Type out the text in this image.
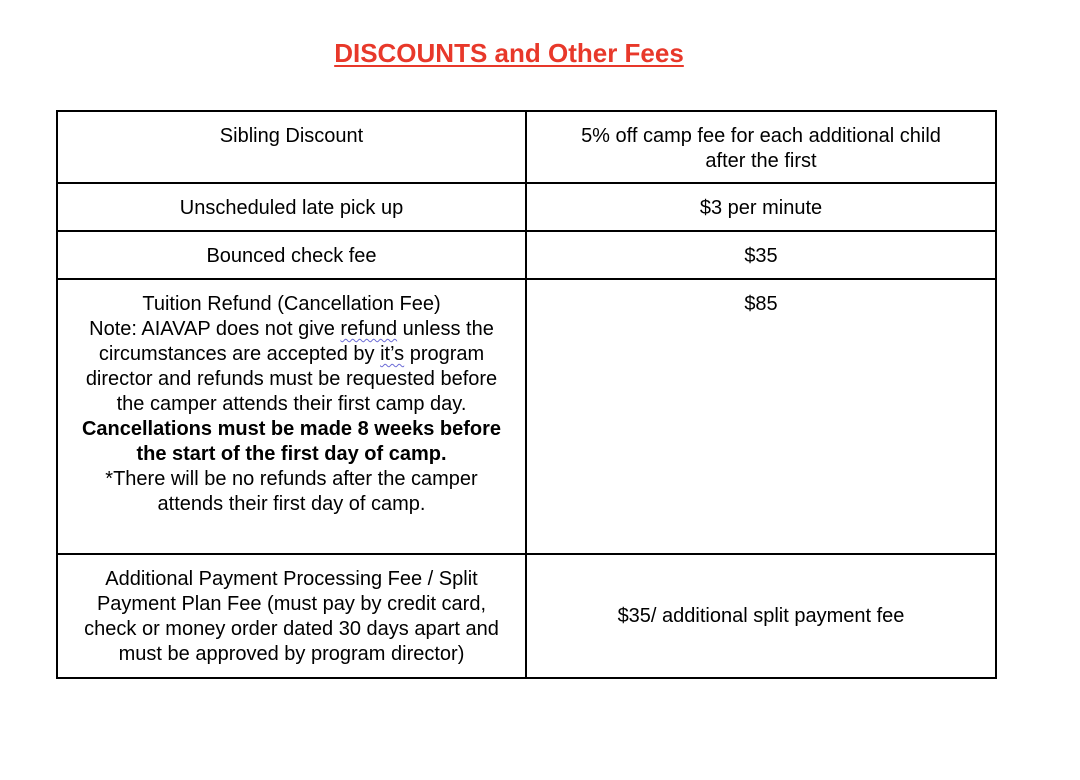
DISCOUNTS and Other Fees
Sibling Discount	5% off camp fee for each additional child
after the first

Unscheduled late pick up	$3 per minute
Bounced check fee	$35

Tuition Refund (Cancellation Fee)
Note: AIAVAP does not give refund unless the circumstances are accepted by it’s program director and refunds must be requested before the camper attends their first camp day.
Cancellations must be made 8 weeks before the start of the first day of camp.
*There will be no refunds after the camper attends their first day of camp.	$85
Additional Payment Processing Fee / Split Payment Plan Fee (must pay by credit card, check or money order dated 30 days apart and must be approved by program director)	$35/ additional split payment fee
